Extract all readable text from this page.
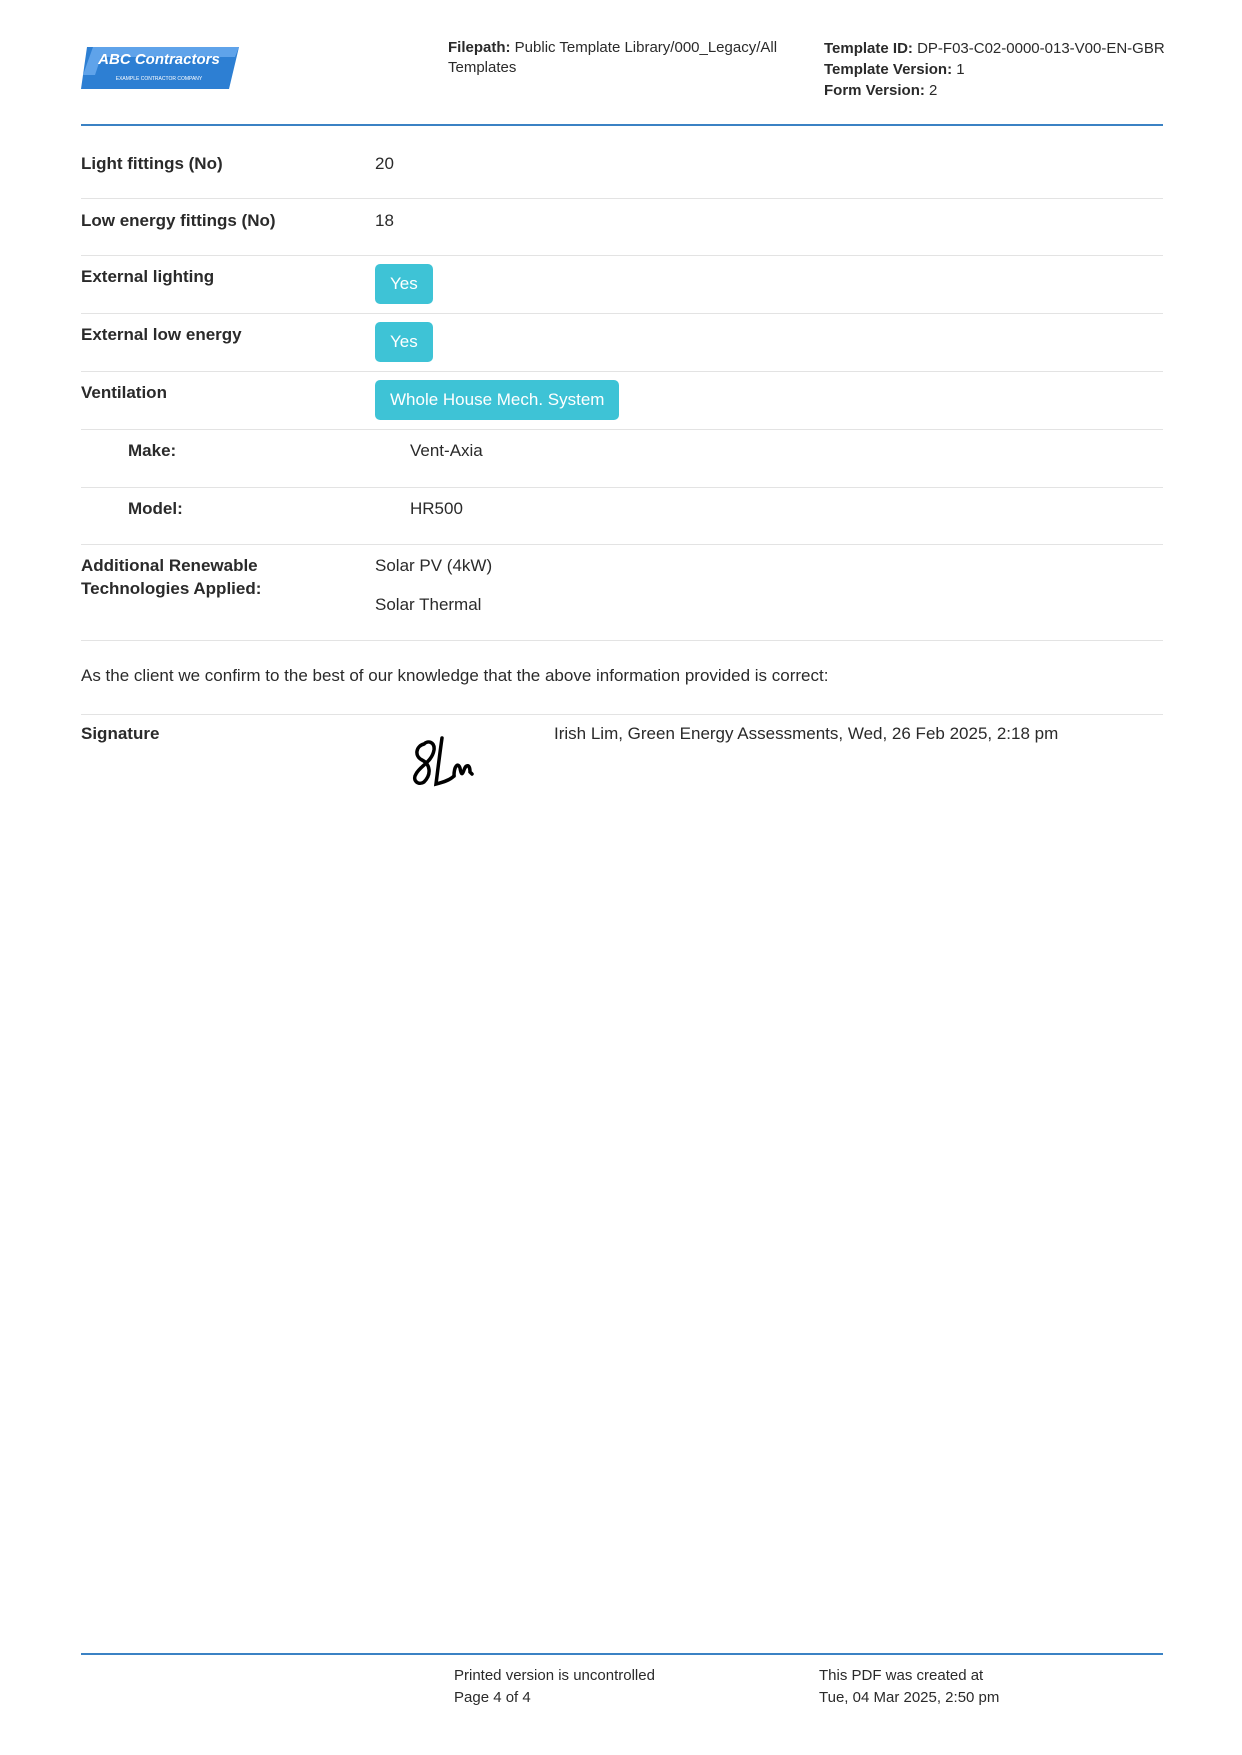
ABC Contractors
EXAMPLE CONTRACTOR COMPANY
Filepath: Public Template Library/000_Legacy/All
Templates
Template ID: DP-F03-C02-0000-013-V00-EN-GBR
Template Version: 1
Form Version: 2
Light fittings (No)	20
Low energy fittings (No)	18
External lighting	Yes
External low energy	Yes
Ventilation	Whole House Mech. System
Make:	Vent-Axia
Model:	HR500
Additional Renewable
Technologies Applied:
Solar PV (4kW)
Solar Thermal
As the client we confirm to the best of our knowledge that the above information provided is correct:
Signature	Irish Lim, Green Energy Assessments, Wed, 26 Feb 2025, 2:18 pm
Printed version is uncontrolled
Page 4 of 4
This PDF was created at
Tue, 04 Mar 2025, 2:50 pm
